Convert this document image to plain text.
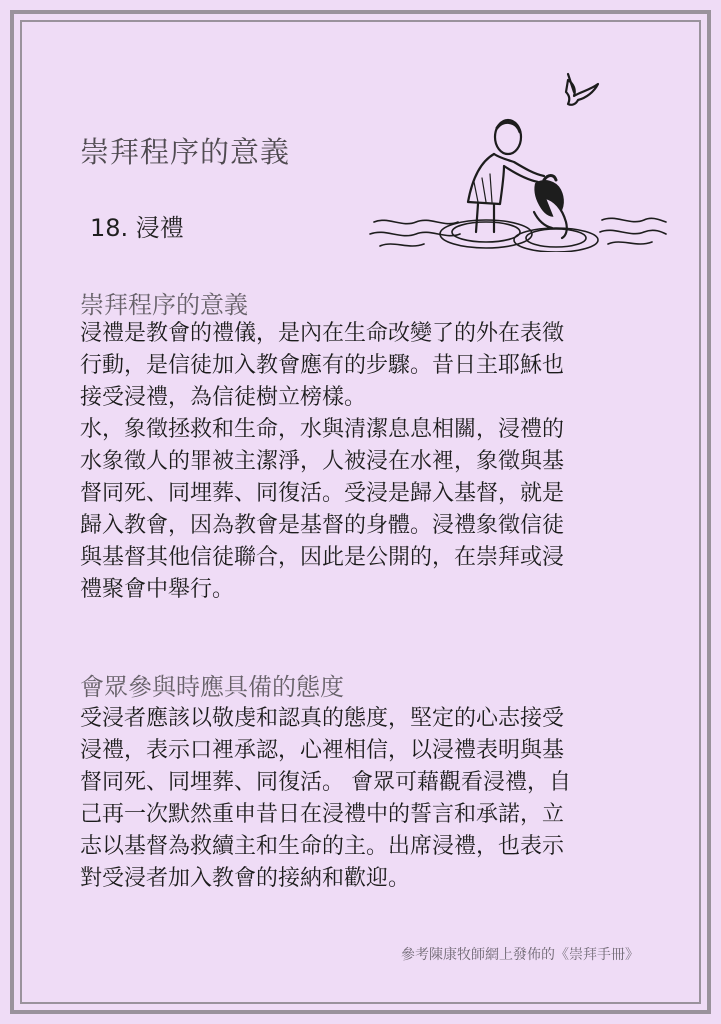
崇拜程序的意義
18. 浸禮
崇拜程序的意義
浸禮是教會的禮儀，是內在生命改變了的外在表徵
行動，是信徒加入教會應有的步驟。昔日主耶穌也
接受浸禮，為信徒樹立榜樣。
水，象徵拯救和生命，水與清潔息息相關，浸禮的
水象徵人的罪被主潔淨，人被浸在水裡，象徵與基
督同死、同埋葬、同復活。受浸是歸入基督，就是
歸入教會，因為教會是基督的身體。浸禮象徵信徒
與基督其他信徒聯合，因此是公開的，在崇拜或浸
禮聚會中舉行。
會眾參與時應具備的態度
受浸者應該以敬虔和認真的態度，堅定的心志接受
浸禮，表示口裡承認，心裡相信，以浸禮表明與基
督同死、同埋葬、同復活。 會眾可藉觀看浸禮，自
己再一次默然重申昔日在浸禮中的誓言和承諾，立
志以基督為救續主和生命的主。出席浸禮，也表示
對受浸者加入教會的接納和歡迎。
參考陳康牧師網上發佈的《崇拜手冊》
